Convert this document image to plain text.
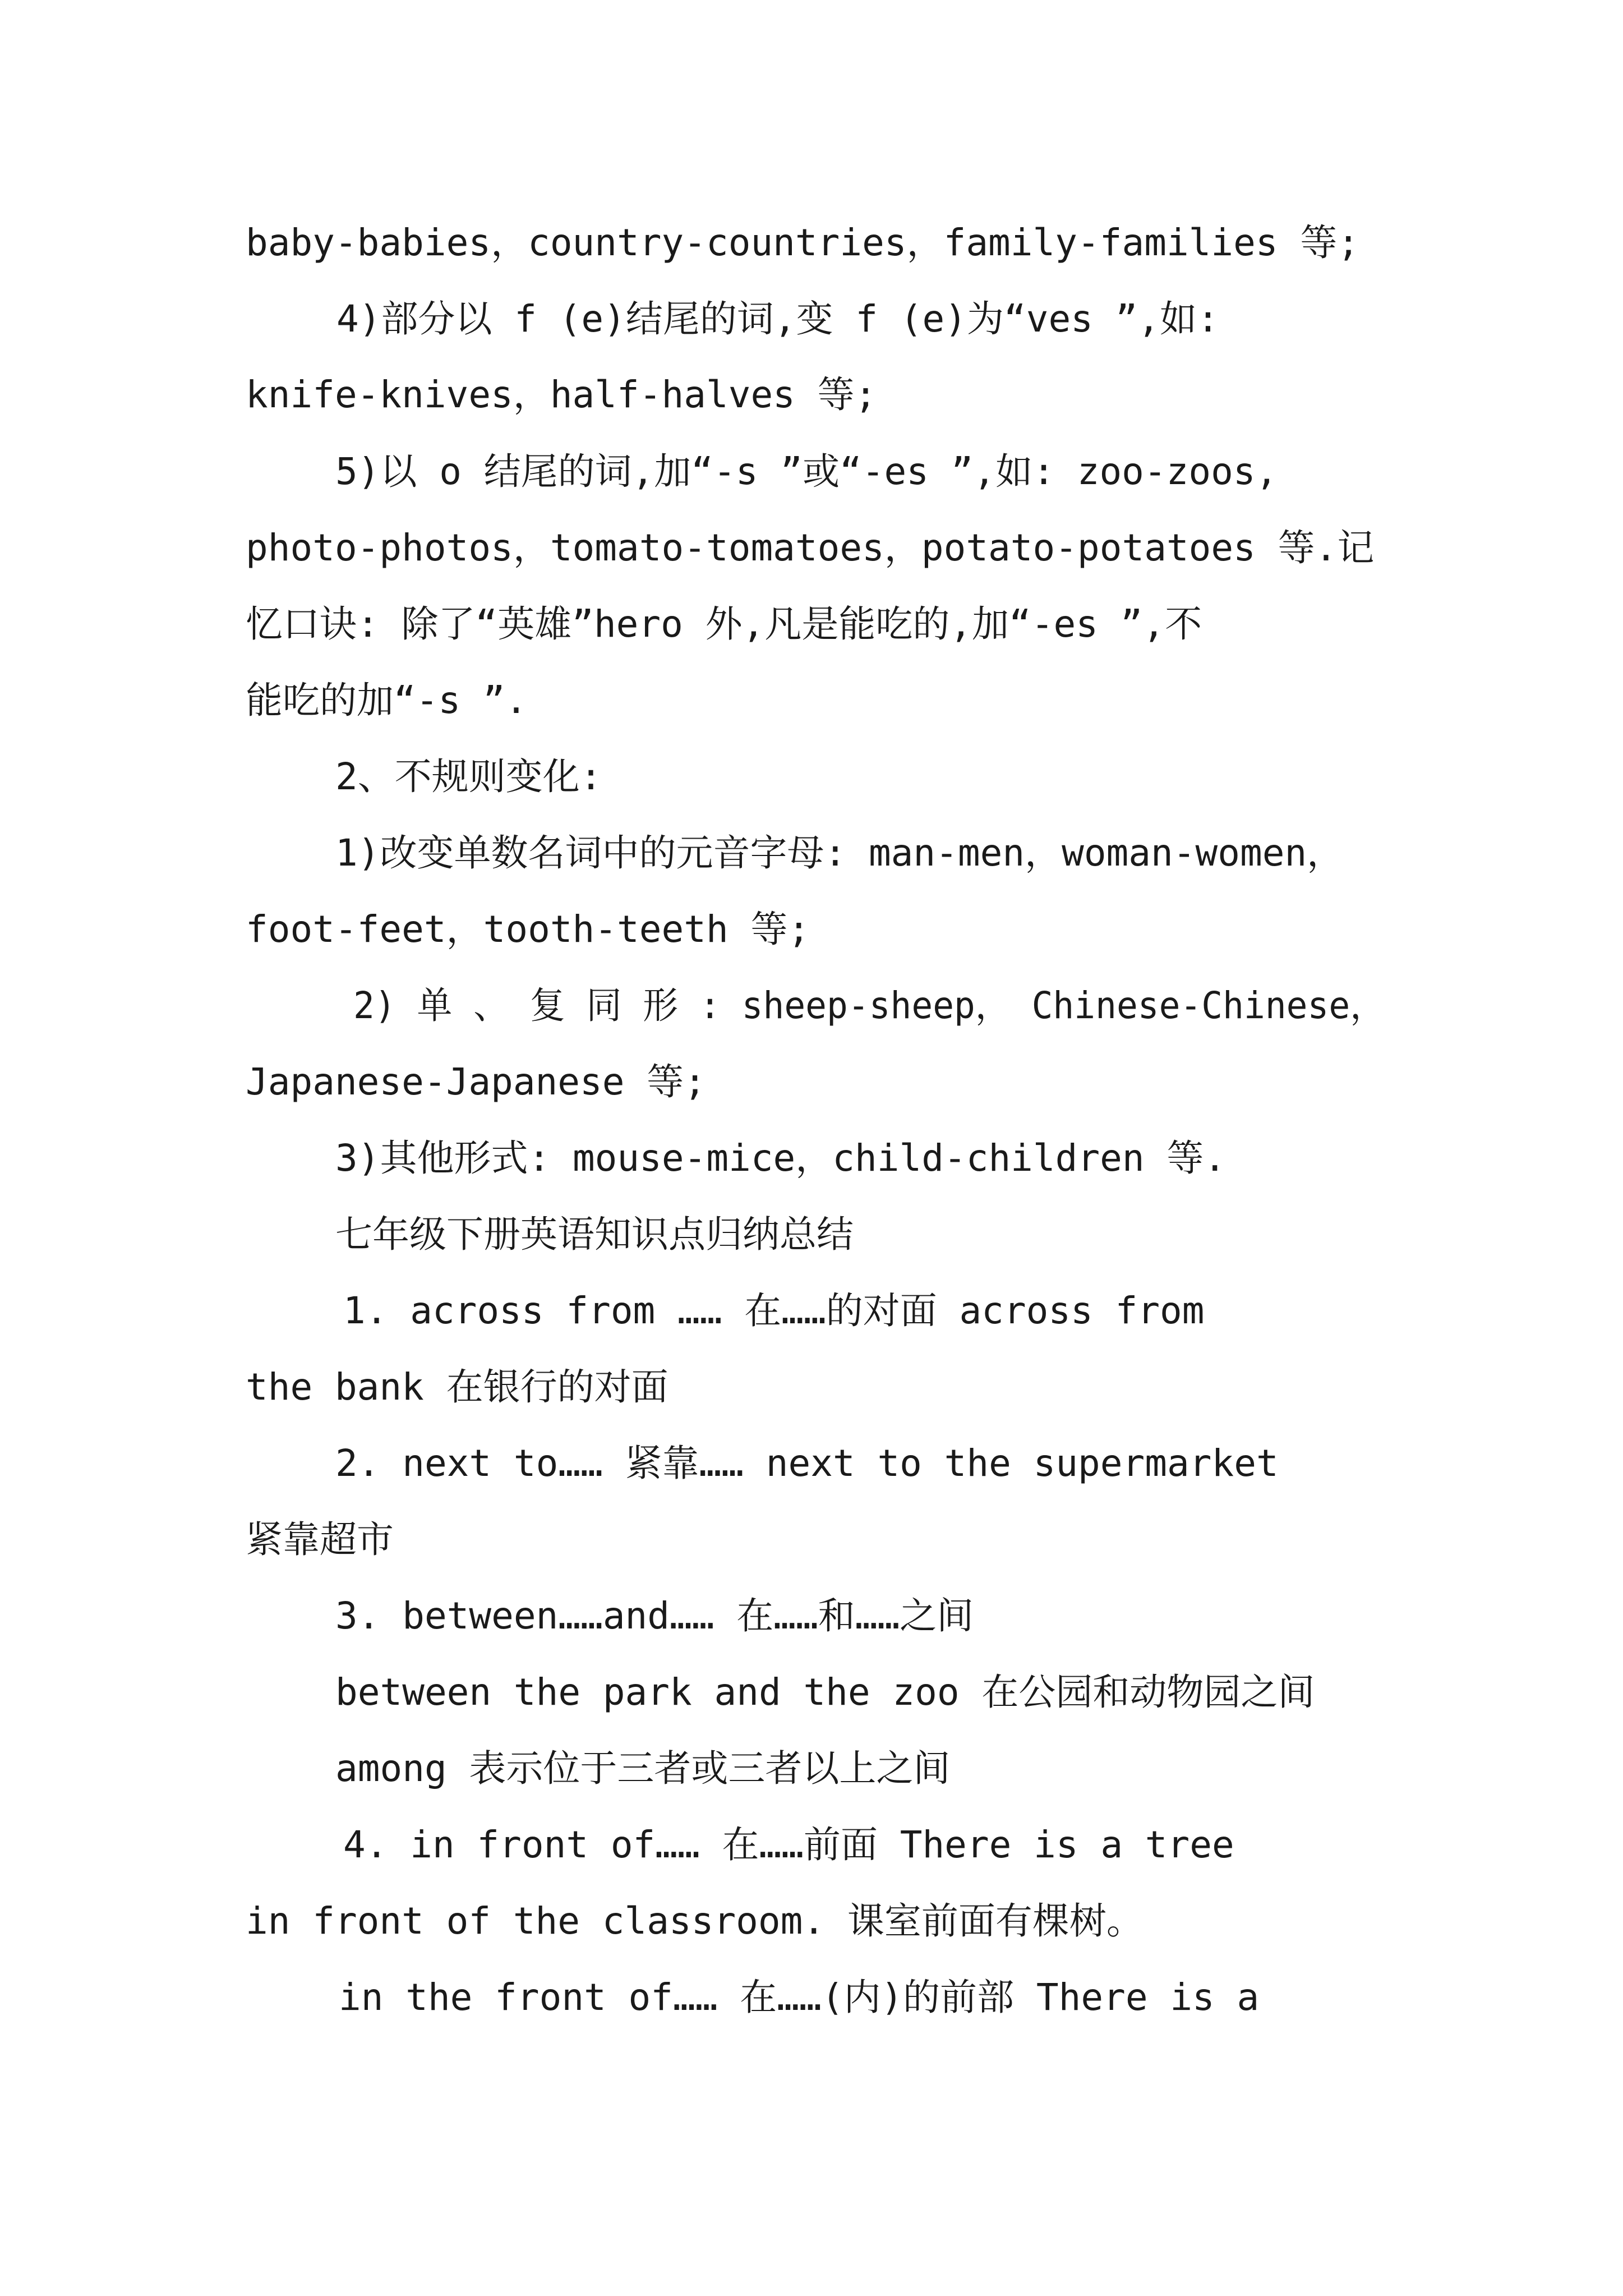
baby-babies，country-countries，family-families 等;
4)部分以 f (e)结尾的词,变 f (e)为“ves ”,如:
knife-knives，half-halves 等;
5)以 o 结尾的词,加“-s ”或“-es ”,如: zoo-zoos,
photo-photos，tomato-tomatoes，potato-potatoes 等.记
忆口诀: 除了“英雄”hero 外,凡是能吃的,加“-es ”,不
能吃的加“-s ”.
2、不规则变化:
1)改变单数名词中的元音字母: man-men，woman-women，
foot-feet，tooth-teeth 等;
2) 单 、 复 同 形 : sheep-sheep， Chinese-Chinese，
Japanese-Japanese 等;
3)其他形式: mouse-mice，child-children 等.
七年级下册英语知识点归纳总结
1. across from …… 在……的对面 across from
the bank 在银行的对面
2. next to…… 紧靠…… next to the supermarket
紧靠超市
3. between……and…… 在……和……之间
between the park and the zoo 在公园和动物园之间
among 表示位于三者或三者以上之间
4. in front of…… 在……前面 There is a tree
in front of the classroom. 课室前面有棵树。
in the front of…… 在……(内)的前部 There is a
